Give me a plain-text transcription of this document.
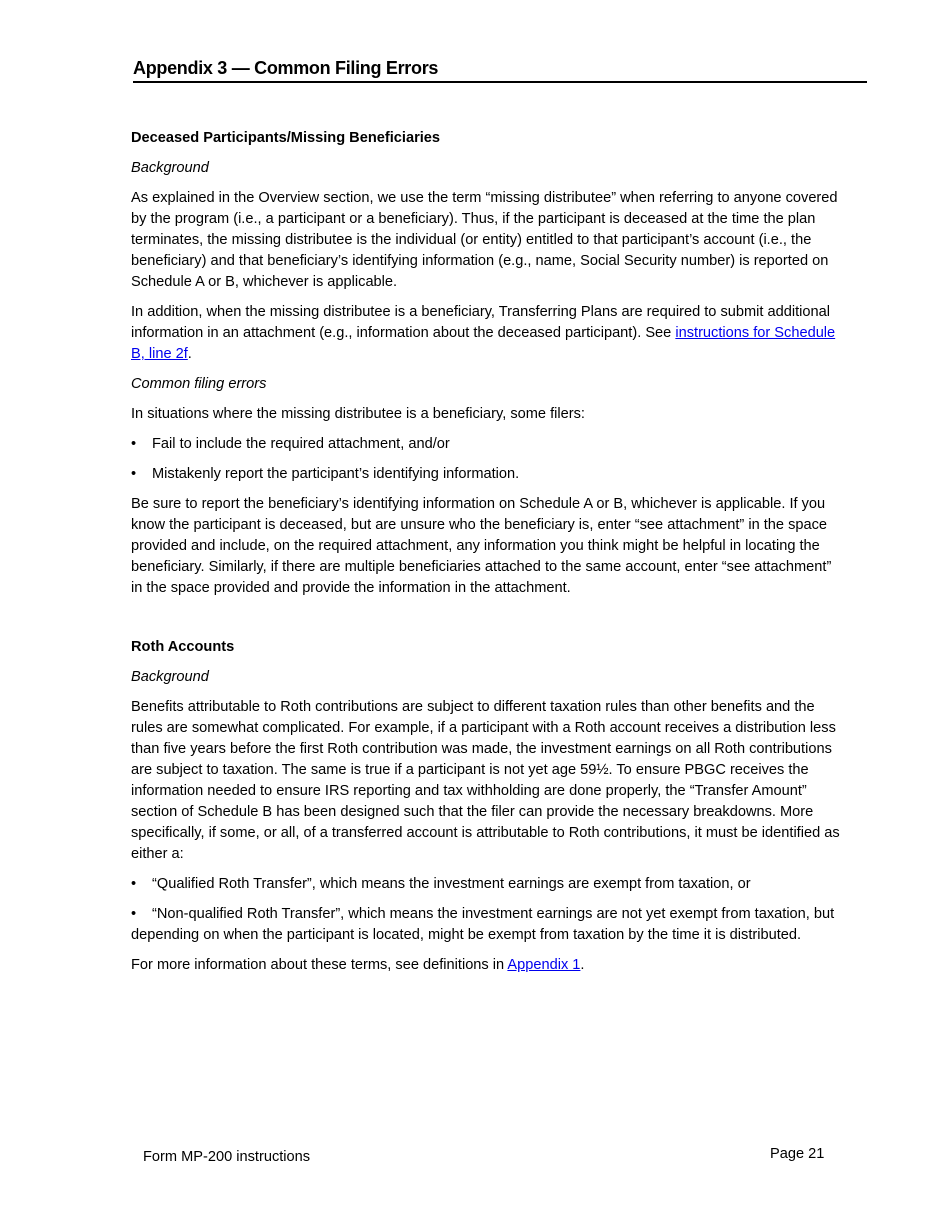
Appendix 3 — Common Filing Errors
Deceased Participants/Missing Beneficiaries
Background

As explained in the Overview section, we use the term “missing distributee” when referring to anyone covered by the program (i.e., a participant or a beneficiary). Thus, if the participant is deceased at the time the plan terminates, the missing distributee is the individual (or entity) entitled to that participant’s account (i.e., the beneficiary) and that beneficiary’s identifying information (e.g., name, Social Security number) is reported on Schedule A or B, whichever is applicable.

In addition, when the missing distributee is a beneficiary, Transferring Plans are required to submit additional information in an attachment (e.g., information about the deceased participant). See instructions for Schedule B, line 2f.

Common filing errors

In situations where the missing distributee is a beneficiary, some filers:

•	Fail to include the required attachment, and/or
•	Mistakenly report the participant’s identifying information.

Be sure to report the beneficiary’s identifying information on Schedule A or B, whichever is applicable. If you know the participant is deceased, but are unsure who the beneficiary is, enter “see attachment” in the space provided and include, on the required attachment, any information you think might be helpful in locating the beneficiary. Similarly, if there are multiple beneficiaries attached to the same account, enter “see attachment” in the space provided and provide the information in the attachment.

Roth Accounts
Background

Benefits attributable to Roth contributions are subject to different taxation rules than other benefits and the rules are somewhat complicated. For example, if a participant with a Roth account receives a distribution less than five years before the first Roth contribution was made, the investment earnings on all Roth contributions are subject to taxation. The same is true if a participant is not yet age 59½. To ensure PBGC receives the information needed to ensure IRS reporting and tax withholding are done properly, the “Transfer Amount” section of Schedule B has been designed such that the filer can provide the necessary breakdowns. More specifically, if some, or all, of a transferred account is attributable to Roth contributions, it must be identified as either a:

•	“Qualified Roth Transfer”, which means the investment earnings are exempt from taxation, or
• “Non-qualified Roth Transfer”, which means the investment earnings are not yet exempt from taxation, but depending on when the participant is located, might be exempt from taxation by the time it is distributed.

For more information about these terms, see definitions in Appendix 1.

Form MP-200 instructions	Page 21
